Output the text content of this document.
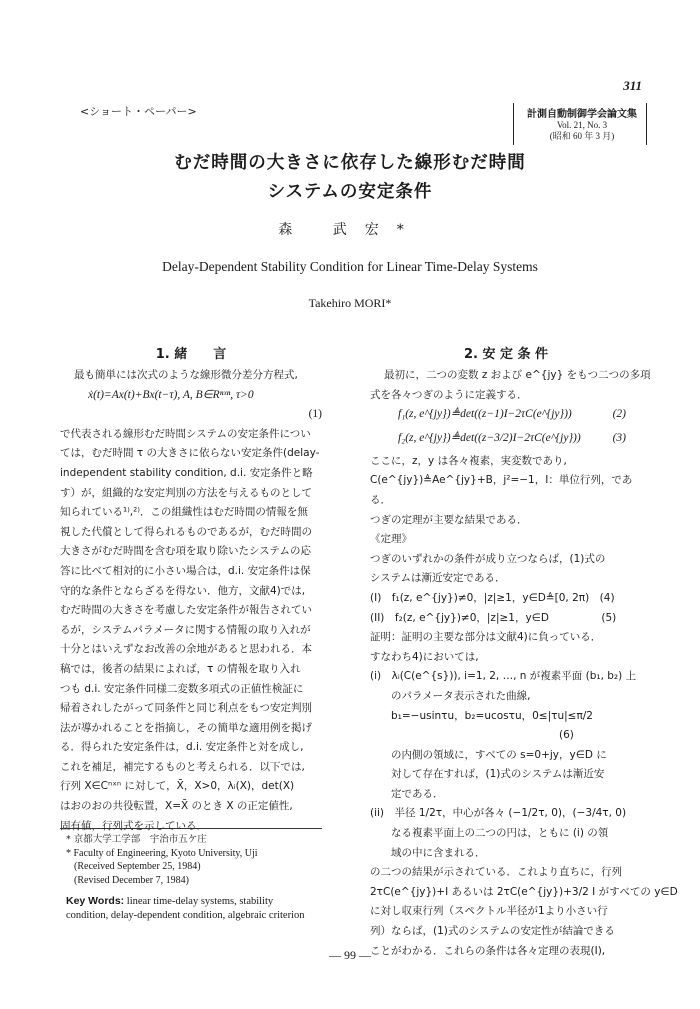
311
<ショート・ペーパー>	計測自動制御学会論文集
Vol. 21, No. 3
(昭和 60 年 3 月)
むだ時間の大きさに依存した線形むだ時間
システムの安定条件
森 武宏*
Delay-Dependent Stability Condition for Linear Time-Delay Systems
Takehiro MORI*
1. 緒　　言	2. 安 定 条 件
最も簡単には次式のような線形微分差分方程式,
ẋ(t)=Ax(t)+Bx(t−τ), A, B∈Rⁿˣⁿ, τ>0
(1)
で代表される線形むだ時間システムの安定条件につい
ては，むだ時間 τ の大きさに依らない安定条件(delay-
independent stability condition, d.i. 安定条件と略
す）が，組織的な安定判別の方法を与えるものとして
知られている¹⁾,²⁾．この組織性はむだ時間の情報を無
視した代償として得られるものであるが，むだ時間の
大きさがむだ時間を含む項を取り除いたシステムの応
答に比べて相対的に小さい場合は，d.i. 安定条件は保
守的な条件とならざるを得ない．他方，文献4)では,
むだ時間の大きさを考慮した安定条件が報告されてい
るが，システムパラメータに関する情報の取り入れが
十分とはいえずなお改善の余地があると思われる．本
稿では，後者の結果によれば，τ の情報を取り入れ
つも d.i. 安定条件同様二変数多項式の正値性検証に
帰着されしたがって同条件と同じ利点をもつ安定判別
法が導かれることを指摘し，その簡単な適用例を掲げ
る．得られた安定条件は，d.i. 安定条件と対を成し,
これを補足，補完するものと考えられる．以下では,
行列 X∈Cⁿˣⁿ に対して，X̄，X>0，λᵢ(X)，det(X)
はおのおの共役転置，X=X̄ のとき X の正定値性,
固有値，行列式を示している．
最初に，二つの変数 z および e^{jy} をもつ二つの多項
式を各々つぎのように定義する．
f₁(z, e^{jy})≜det((z−1)I−2τC(e^{jy}))	(2)
f₂(z, e^{jy})≜det((z−3/2)I−2τC(e^{jy}))	(3)
ここに，z，y は各々複素，実変数であり,
C(e^{jy})≜Ae^{jy}+B，j²=−1，I：単位行列，であ
る．
つぎの定理が主要な結果である．
《定理》
つぎのいずれかの条件が成り立つならば，(1)式の
システムは漸近安定である．
(I)　f₁(z, e^{jy})≠0，|z|≥1，y∈D≜[0, 2π)　(4)
(II)　f₂(z, e^{jy})≠0，|z|≥1，y∈D　　　　　(5)
証明：証明の主要な部分は文献4)に負っている．
すなわち4)においては,
(i)　λᵢ(C(e^{s})), i=1, 2, …, n が複素平面 (b₁, b₂) 上
　　のパラメータ表示された曲線,
　　b₁=−usinτu，b₂=ucosτu，0≤|τu|≤π/2
　　　　　　　　　　　　　　　　　　(6)
　　の内側の領域に，すべての s=0+jy，y∈D に
　　対して存在すれば，(1)式のシステムは漸近安
　　定である．
(ii)　半径 1/2τ，中心が各々 (−1/2τ, 0)，(−3/4τ, 0)
　　なる複素平面上の二つの円は，ともに (i) の領
　　域の中に含まれる．
の二つの結果が示されている．これより直ちに，行列
2τC(e^{jy})+I あるいは 2τC(e^{jy})+3/2 I がすべての y∈D
に対し収束行列（スペクトル半径が1より小さい行
列）ならば，(1)式のシステムの安定性が結論できる
ことがわかる．これらの条件は各々定理の表現(I),
* 京都大学工学部　宇治市五ケ庄
* Faculty of Engineering, Kyoto University, Uji
(Received September 25, 1984)
(Revised December 7, 1984)
Key Words: linear time-delay systems, stability condition, delay-dependent condition, algebraic criterion
— 99 —
